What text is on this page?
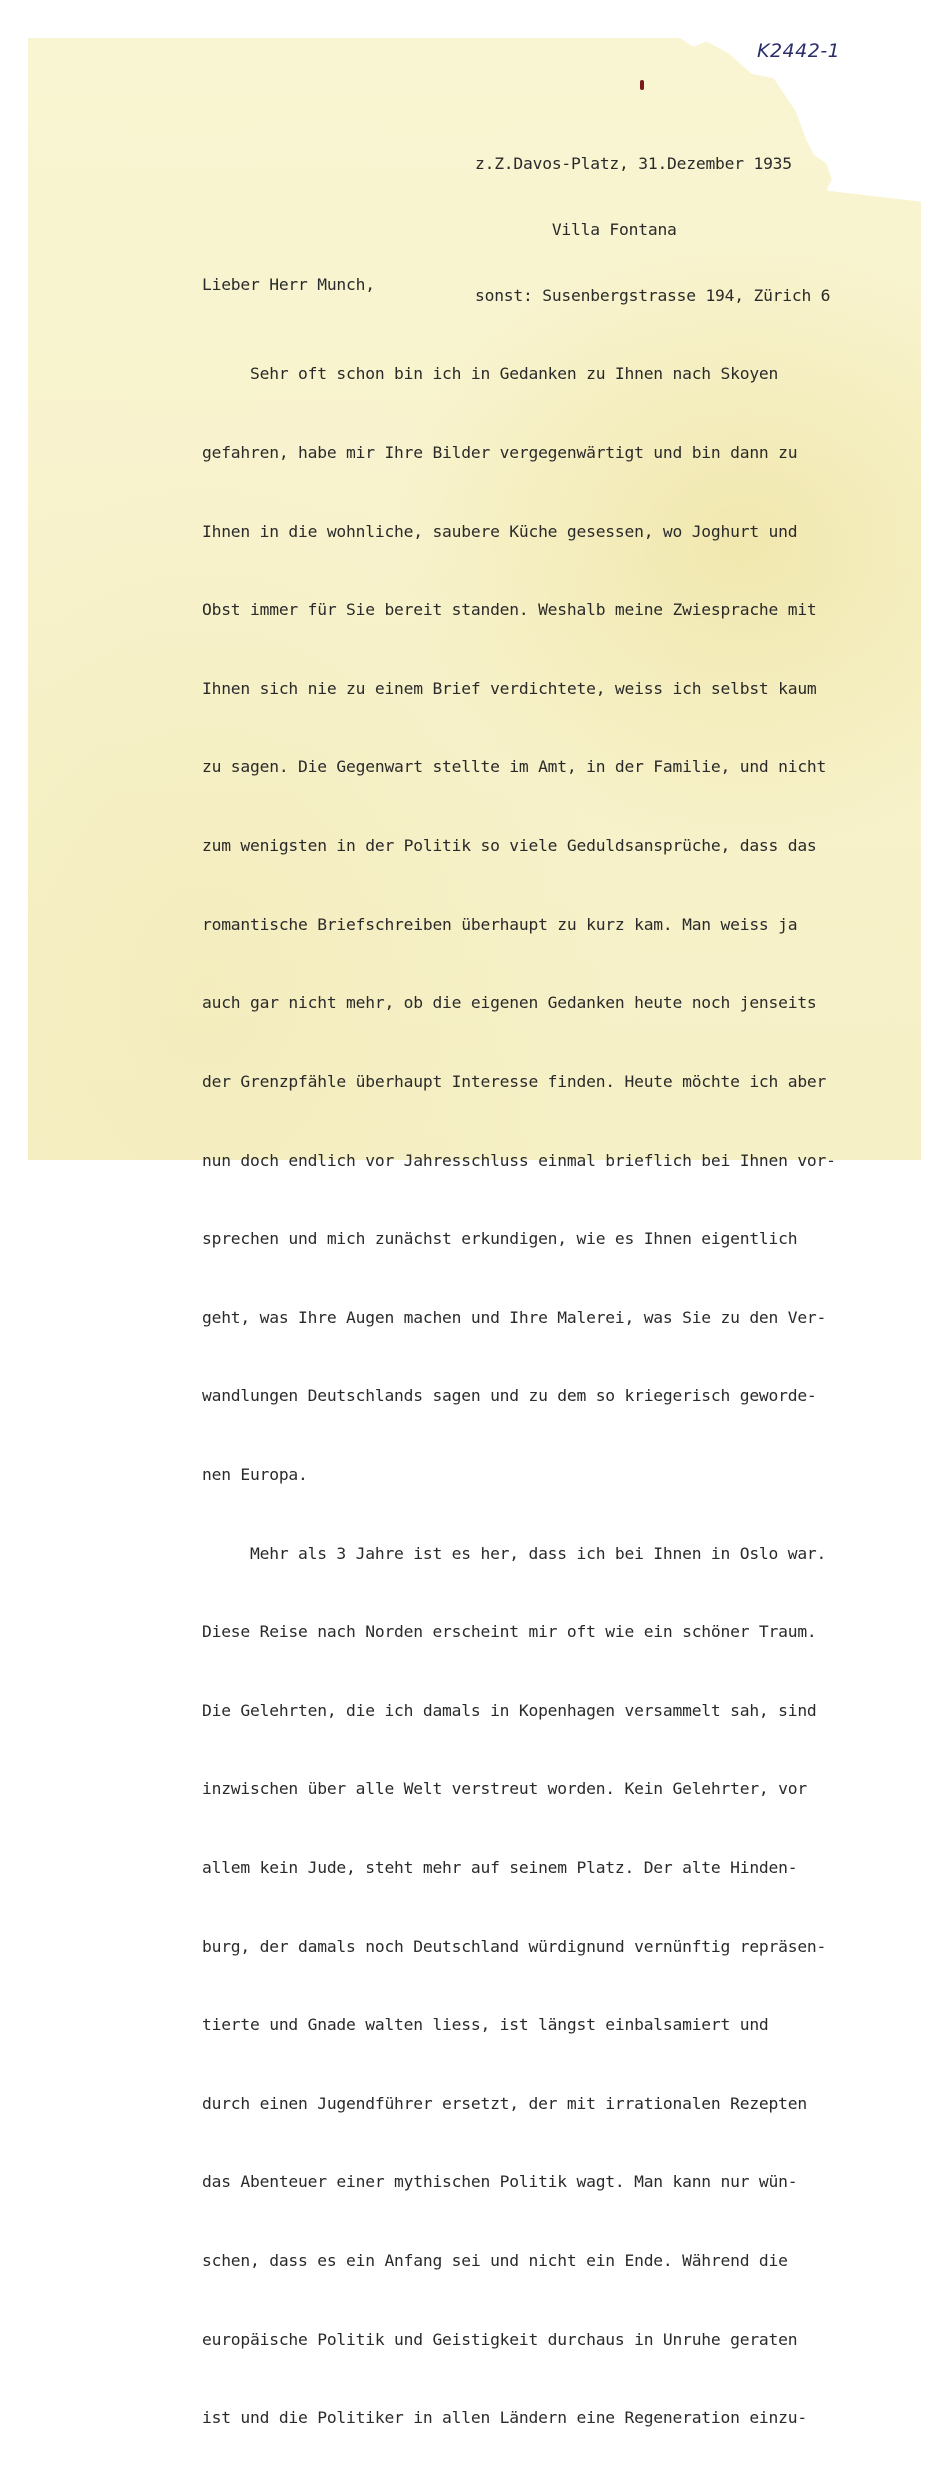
K2442-1

z.Z.Davos-Platz, 31.Dezember 1935

Villa Fontana

sonst: Susenbergstrasse 194, Zürich 6

Lieber Herr Munch,

Sehr oft schon bin ich in Gedanken zu Ihnen nach Skoyen

gefahren, habe mir Ihre Bilder vergegenwärtigt und bin dann zu

Ihnen in die wohnliche, saubere Küche gesessen, wo Joghurt und

Obst immer für Sie bereit standen. Weshalb meine Zwiesprache mit

Ihnen sich nie zu einem Brief verdichtete, weiss ich selbst kaum

zu sagen. Die Gegenwart stellte im Amt, in der Familie, und nicht

zum wenigsten in der Politik so viele Geduldsansprüche, dass das

romantische Briefschreiben überhaupt zu kurz kam. Man weiss ja

auch gar nicht mehr, ob die eigenen Gedanken heute noch jenseits

der Grenzpfähle überhaupt Interesse finden. Heute möchte ich aber

nun doch endlich vor Jahresschluss einmal brieflich bei Ihnen vor-

sprechen und mich zunächst erkundigen, wie es Ihnen eigentlich

geht, was Ihre Augen machen und Ihre Malerei, was Sie zu den Ver-

wandlungen Deutschlands sagen und zu dem so kriegerisch geworde-

nen Europa.

Mehr als 3 Jahre ist es her, dass ich bei Ihnen in Oslo war.

Diese Reise nach Norden erscheint mir oft wie ein schöner Traum.

Die Gelehrten, die ich damals in Kopenhagen versammelt sah, sind

inzwischen über alle Welt verstreut worden. Kein Gelehrter, vor

allem kein Jude, steht mehr auf seinem Platz. Der alte Hinden-

burg, der damals noch Deutschland würdignund vernünftig repräsen-

tierte und Gnade walten liess, ist längst einbalsamiert und

durch einen Jugendführer ersetzt, der mit irrationalen Rezepten

das Abenteuer einer mythischen Politik wagt. Man kann nur wün-

schen, dass es ein Anfang sei und nicht ein Ende. Während die

europäische Politik und Geistigkeit durchaus in Unruhe geraten

ist und die Politiker in allen Ländern eine Regeneration einzu-
